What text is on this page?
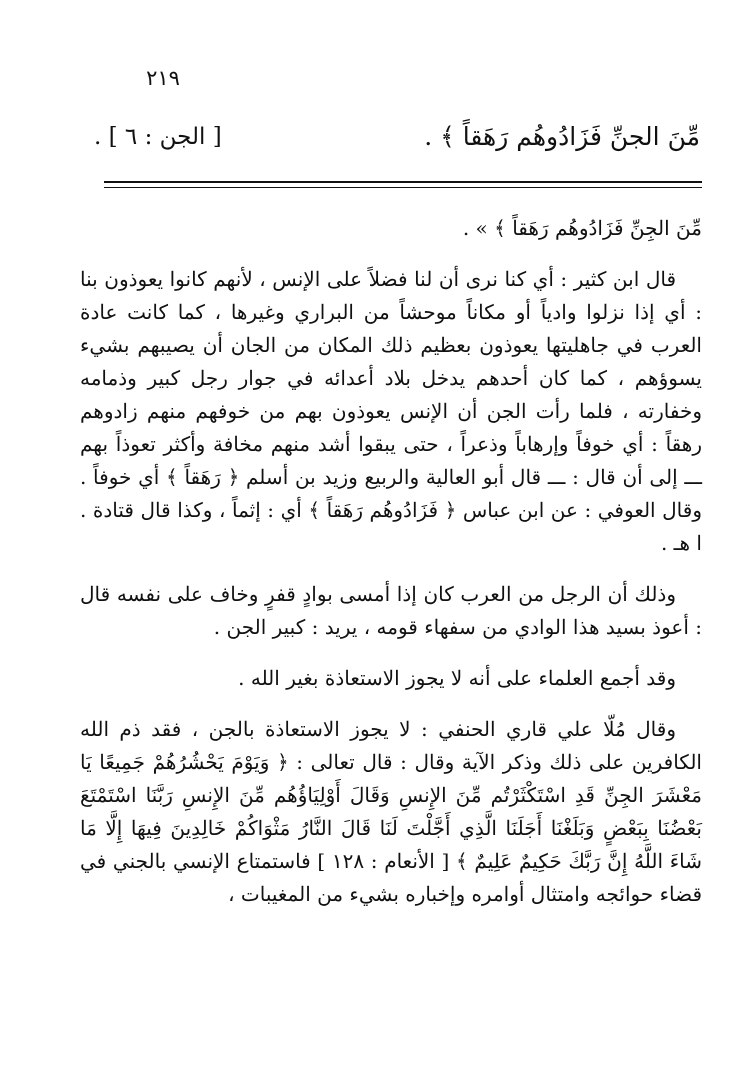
٢١٩
مِّنَ الجنِّ فَزَادُوهُم رَهَقاً ﴾ .
[ الجن : ٦ ] .

مِّنَ الجِنِّ فَزَادُوهُم رَهَقاً ﴾ » .

قال ابن كثير : أي كنا نرى أن لنا فضلاً على الإنس ، لأنهم كانوا يعوذون بنا : أي إذا نزلوا وادياً أو مكاناً موحشاً من البراري وغيرها ، كما كانت عادة العرب في جاهليتها يعوذون بعظيم ذلك المكان من الجان أن يصيبهم بشيء يسوؤهم ، كما كان أحدهم يدخل بلاد أعدائه في جوار رجل كبير وذمامه وخفارته ، فلما رأت الجن أن الإنس يعوذون بهم من خوفهم منهم زادوهم رهقاً : أي خوفاً وإرهاباً وذعراً ، حتى يبقوا أشد منهم مخافة وأكثر تعوذاً بهم ـــ إلى أن قال : ـــ قال أبو العالية والربيع وزيد بن أسلم ﴿ رَهَقاً ﴾ أي خوفاً . وقال العوفي : عن ابن عباس ﴿ فَزَادُوهُم رَهَقاً ﴾ أي : إثماً ، وكذا قال قتادة . ا هـ .

وذلك أن الرجل من العرب كان إذا أمسى بوادٍ قفرٍ وخاف على نفسه قال : أعوذ بسيد هذا الوادي من سفهاء قومه ، يريد : كبير الجن .

وقد أجمع العلماء على أنه لا يجوز الاستعاذة بغير الله .

وقال مُلّا علي قاري الحنفي : لا يجوز الاستعاذة بالجن ، فقد ذم الله الكافرين على ذلك وذكر الآية وقال : قال تعالى : ﴿ وَيَوْمَ يَحْشُرُهُمْ جَمِيعًا يَا مَعْشَرَ الجِنِّ قَدِ اسْتَكْثَرْتُم مِّنَ الإِنسِ وَقَالَ أَوْلِيَاؤُهُم مِّنَ الإِنسِ رَبَّنَا اسْتَمْتَعَ بَعْضُنَا بِبَعْضٍ وَبَلَغْنَا أَجَلَنَا الَّذِي أَجَّلْتَ لَنَا قَالَ النَّارُ مَثْوَاكُمْ خَالِدِينَ فِيهَا إِلَّا مَا شَاءَ اللَّهُ إِنَّ رَبَّكَ حَكِيمٌ عَلِيمٌ ﴾ [ الأنعام : ١٢٨ ] فاستمتاع الإنسي بالجني في قضاء حوائجه وامتثال أوامره وإخباره بشيء من المغيبات ،
